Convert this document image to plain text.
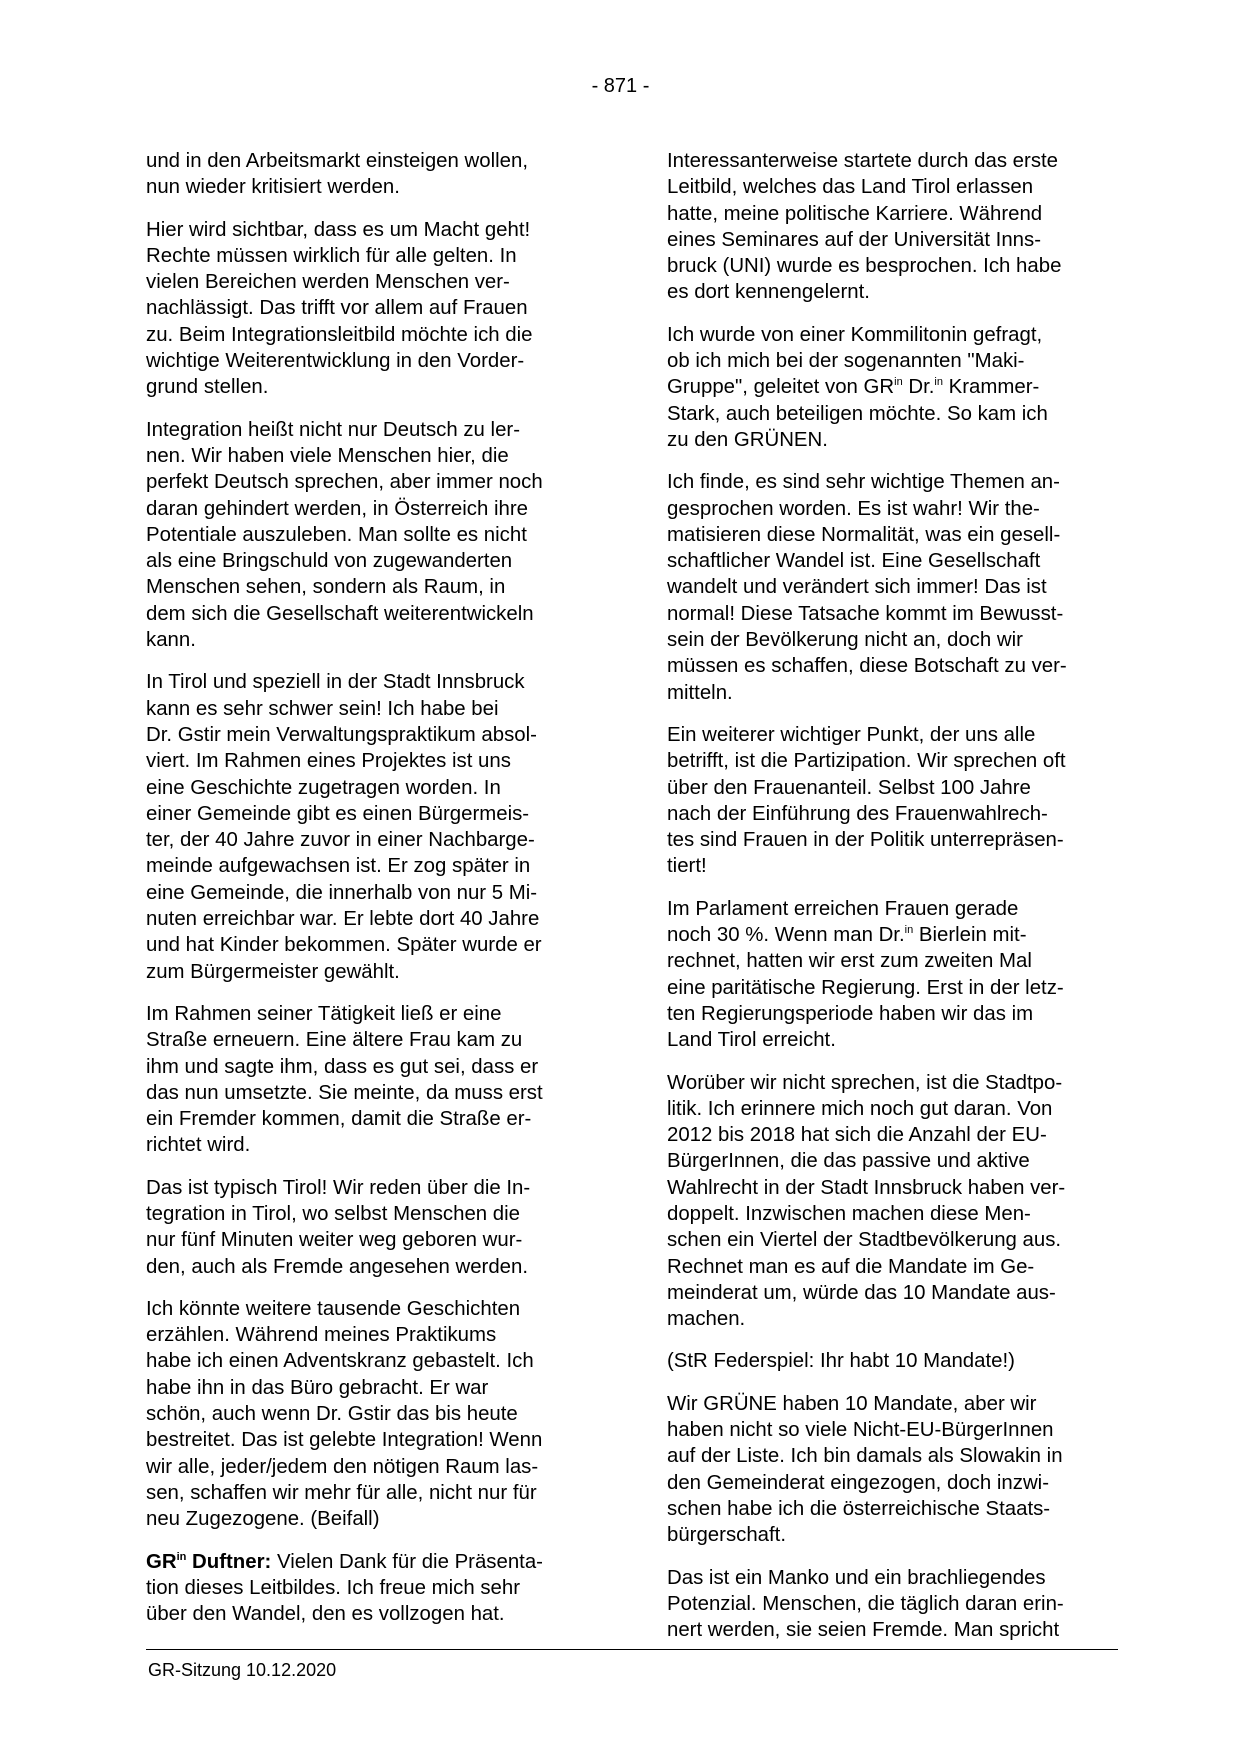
- 871 -

und in den Arbeitsmarkt einsteigen wollen,
nun wieder kritisiert werden.

Hier wird sichtbar, dass es um Macht geht!
Rechte müssen wirklich für alle gelten. In
vielen Bereichen werden Menschen ver-
nachlässigt. Das trifft vor allem auf Frauen
zu. Beim Integrationsleitbild möchte ich die
wichtige Weiterentwicklung in den Vorder-
grund stellen.

Integration heißt nicht nur Deutsch zu ler-
nen. Wir haben viele Menschen hier, die
perfekt Deutsch sprechen, aber immer noch
daran gehindert werden, in Österreich ihre
Potentiale auszuleben. Man sollte es nicht
als eine Bringschuld von zugewanderten
Menschen sehen, sondern als Raum, in
dem sich die Gesellschaft weiterentwickeln
kann.

In Tirol und speziell in der Stadt Innsbruck
kann es sehr schwer sein! Ich habe bei
Dr. Gstir mein Verwaltungspraktikum absol-
viert. Im Rahmen eines Projektes ist uns
eine Geschichte zugetragen worden. In
einer Gemeinde gibt es einen Bürgermeis-
ter, der 40 Jahre zuvor in einer Nachbarge-
meinde aufgewachsen ist. Er zog später in
eine Gemeinde, die innerhalb von nur 5 Mi-
nuten erreichbar war. Er lebte dort 40 Jahre
und hat Kinder bekommen. Später wurde er
zum Bürgermeister gewählt.

Im Rahmen seiner Tätigkeit ließ er eine
Straße erneuern. Eine ältere Frau kam zu
ihm und sagte ihm, dass es gut sei, dass er
das nun umsetzte. Sie meinte, da muss erst
ein Fremder kommen, damit die Straße er-
richtet wird.

Das ist typisch Tirol! Wir reden über die In-
tegration in Tirol, wo selbst Menschen die
nur fünf Minuten weiter weg geboren wur-
den, auch als Fremde angesehen werden.

Ich könnte weitere tausende Geschichten
erzählen. Während meines Praktikums
habe ich einen Adventskranz gebastelt. Ich
habe ihn in das Büro gebracht. Er war
schön, auch wenn Dr. Gstir das bis heute
bestreitet. Das ist gelebte Integration! Wenn
wir alle, jeder/jedem den nötigen Raum las-
sen, schaffen wir mehr für alle, nicht nur für
neu Zugezogene. (Beifall)

$GR^{in}$ Duftner: Vielen Dank für die Präsenta-
tion dieses Leitbildes. Ich freue mich sehr
über den Wandel, den es vollzogen hat.

Interessanterweise startete durch das erste
Leitbild, welches das Land Tirol erlassen
hatte, meine politische Karriere. Während
eines Seminares auf der Universität Inns-
bruck (UNI) wurde es besprochen. Ich habe
es dort kennengelernt.

Ich wurde von einer Kommilitonin gefragt,
ob ich mich bei der sogenannten "Maki-
Gruppe", geleitet von $GR^{in}$ Dr.$^{in}$ Krammer-
Stark, auch beteiligen möchte. So kam ich
zu den GRÜNEN.

Ich finde, es sind sehr wichtige Themen an-
gesprochen worden. Es ist wahr! Wir the-
matisieren diese Normalität, was ein gesell-
schaftlicher Wandel ist. Eine Gesellschaft
wandelt und verändert sich immer! Das ist
normal! Diese Tatsache kommt im Bewusst-
sein der Bevölkerung nicht an, doch wir
müssen es schaffen, diese Botschaft zu ver-
mitteln.

Ein weiterer wichtiger Punkt, der uns alle
betrifft, ist die Partizipation. Wir sprechen oft
über den Frauenanteil. Selbst 100 Jahre
nach der Einführung des Frauenwahlrech-
tes sind Frauen in der Politik unterrepräsen-
tiert!

Im Parlament erreichen Frauen gerade
noch 30 %. Wenn man Dr.$^{in}$ Bierlein mit-
rechnet, hatten wir erst zum zweiten Mal
eine paritätische Regierung. Erst in der letz-
ten Regierungsperiode haben wir das im
Land Tirol erreicht.

Worüber wir nicht sprechen, ist die Stadtpo-
litik. Ich erinnere mich noch gut daran. Von
2012 bis 2018 hat sich die Anzahl der EU-
BürgerInnen, die das passive und aktive
Wahlrecht in der Stadt Innsbruck haben ver-
doppelt. Inzwischen machen diese Men-
schen ein Viertel der Stadtbevölkerung aus.
Rechnet man es auf die Mandate im Ge-
meinderat um, würde das 10 Mandate aus-
machen.

(StR Federspiel: Ihr habt 10 Mandate!)

Wir GRÜNE haben 10 Mandate, aber wir
haben nicht so viele Nicht-EU-BürgerInnen
auf der Liste. Ich bin damals als Slowakin in
den Gemeinderat eingezogen, doch inzwi-
schen habe ich die österreichische Staats-
bürgerschaft.

Das ist ein Manko und ein brachliegendes
Potenzial. Menschen, die täglich daran erin-
nert werden, sie seien Fremde. Man spricht

GR-Sitzung 10.12.2020
